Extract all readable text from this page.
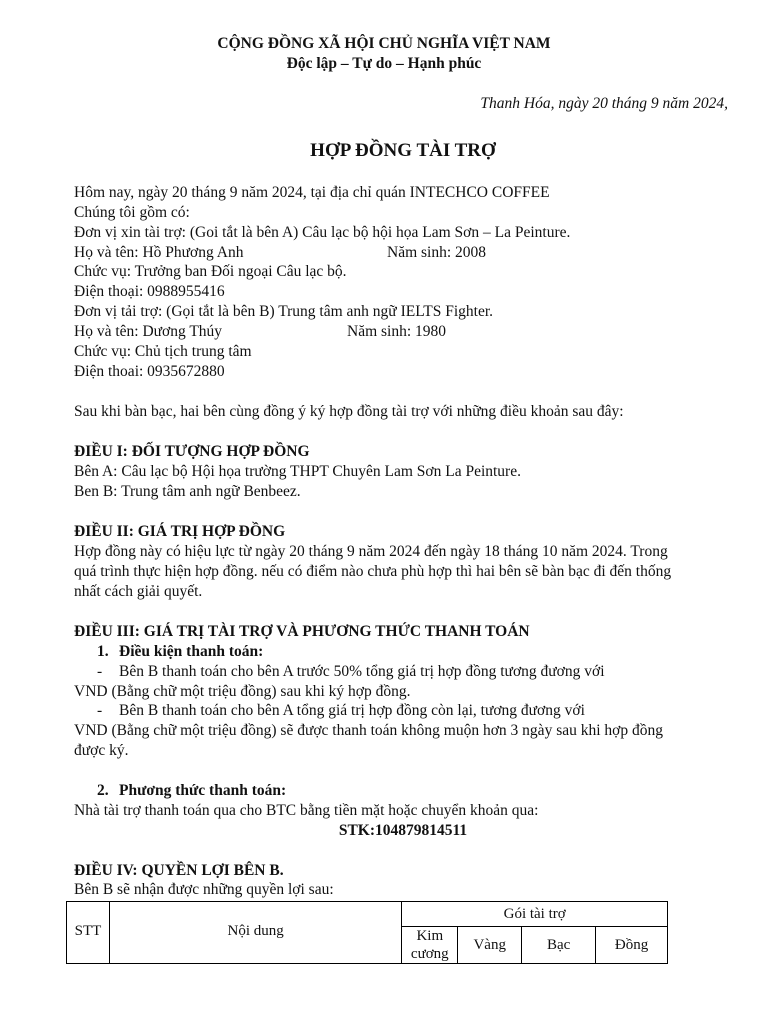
CỘNG ĐỒNG XÃ HỘI CHỦ NGHĨA VIỆT NAM
Độc lập – Tự do – Hạnh phúc
Thanh Hóa, ngày 20 tháng 9 năm 2024,
HỢP ĐỒNG TÀI TRỢ
Hôm nay, ngày 20 tháng 9 năm 2024, tại địa chỉ quán INTECHCO COFFEE
Chúng tôi gồm có:
Đơn vị xin tài trợ: (Goi tắt là bên A) Câu lạc bộ hội họa Lam Sơn – La Peinture.
Họ và tên: Hồ Phương Anh	Năm sinh: 2008
Chức vụ: Trưởng ban Đối ngoại Câu lạc bộ.
Điện thoại: 0988955416
Đơn vị tải trợ: (Gọi tắt là bên B) Trung tâm anh ngữ IELTS Fighter.
Họ và tên: Dương Thúy	Năm sinh: 1980
Chức vụ: Chủ tịch trung tâm
Điện thoai: 0935672880
Sau khi bàn bạc, hai bên cùng đồng ý ký hợp đồng tài trợ với những điều khoản sau đây:
ĐIỀU I: ĐỐI TƯỢNG HỢP ĐỒNG
Bên A: Câu lạc bộ Hội họa trường THPT Chuyên Lam Sơn La Peinture.
Ben B: Trung tâm anh ngữ Benbeez.
ĐIỀU II: GIÁ TRỊ HỢP ĐỒNG
Hợp đồng này có hiệu lực từ ngày 20 tháng 9 năm 2024 đến ngày 18 tháng 10 năm 2024. Trong
quá trình thực hiện hợp đồng. nếu có điểm nào chưa phù hợp thì hai bên sẽ bàn bạc đi đến thống
nhất cách giải quyết.
ĐIỀU III: GIÁ TRỊ TÀI TRỢ VÀ PHƯƠNG THỨC THANH TOÁN
1. Điều kiện thanh toán:
- Bên B thanh toán cho bên A trước 50% tổng giá trị hợp đồng tương đương với
VND (Bằng chữ một triệu đồng) sau khi ký hợp đồng.
- Bên B thanh toán cho bên A tổng giá trị hợp đồng còn lại, tương đương với
VND (Bằng chữ một triệu đồng) sẽ được thanh toán không muộn hơn 3 ngày sau khi hợp đồng
được ký.
2. Phương thức thanh toán:
Nhà tài trợ thanh toán qua cho BTC bằng tiền mặt hoặc chuyển khoản qua:
STK:104879814511
ĐIỀU IV: QUYỀN LỢI BÊN B.
Bên B sẽ nhận được những quyền lợi sau:
STT	Nội dung	Gói tài trợ			
		Kim cương	Vàng	Bạc	Đồng
